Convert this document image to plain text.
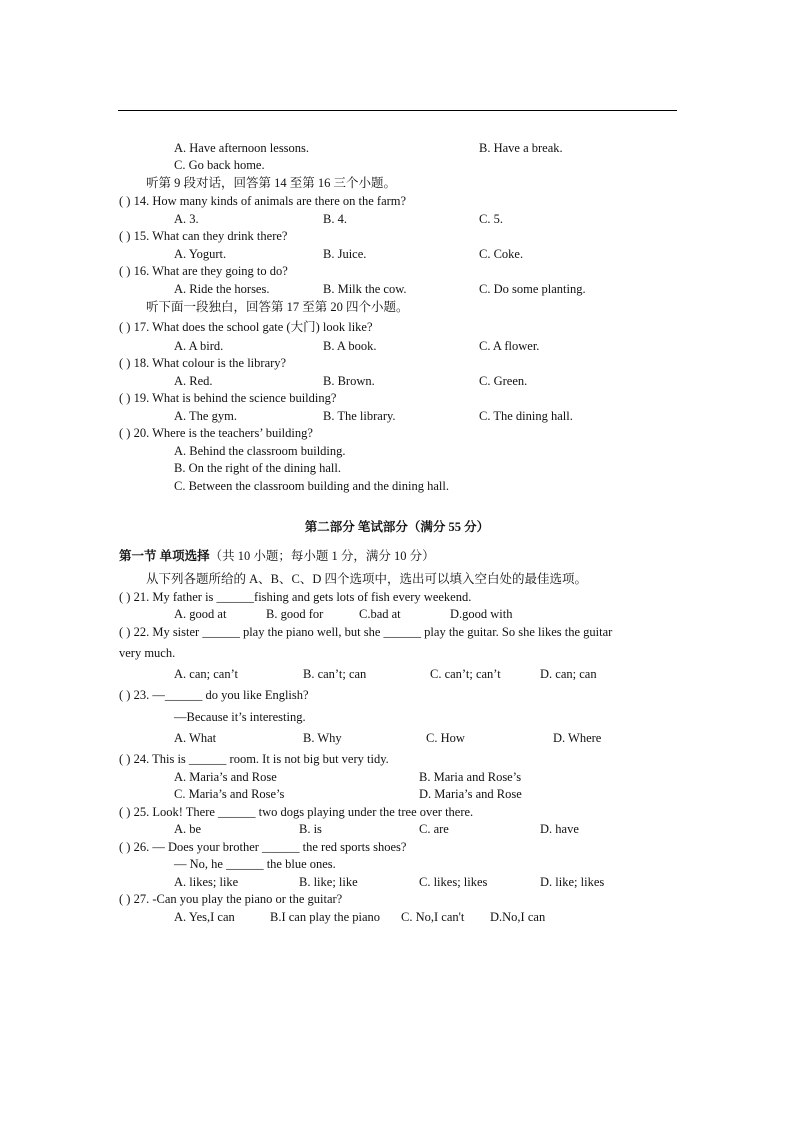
A. Have afternoon lessons.	B. Have a break.
C. Go back home.
听第 9 段对话，回答第 14 至第 16 三个小题。
( ) 14. How many kinds of animals are there on the farm?
A. 3.	B. 4.	C. 5.
( ) 15. What can they drink there?
A. Yogurt.	B. Juice.	C. Coke.
( ) 16. What are they going to do?
A. Ride the horses.	B. Milk the cow.	C. Do some planting.
听下面一段独白，回答第 17 至第 20 四个小题。
( ) 17. What does the school gate (大门) look like?
A. A bird.	B. A book.	C. A flower.
( ) 18. What colour is the library?
A. Red.	B. Brown.	C. Green.
( ) 19. What is behind the science building?
A. The gym.	B. The library.	C. The dining hall.
( ) 20. Where is the teachers’ building?
A. Behind the classroom building.
B. On the right of the dining hall.
C. Between the classroom building and the dining hall.
第二部分 笔试部分（满分 55 分）
第一节 单项选择（共 10 小题；每小题 1 分，满分 10 分）
从下列各题所给的 A、B、C、D 四个选项中，选出可以填入空白处的最佳选项。
( ) 21. My father is ______fishing and gets lots of fish every weekend.
A. good at	B. good for	C.bad at	D.good with
( ) 22. My sister ______ play the piano well, but she ______ play the guitar. So she likes the guitar
very much.
A. can; can’t	B. can’t; can	C. can’t; can’t	D. can; can
( ) 23. —______ do you like English?
—Because it’s interesting.
A. What	B. Why	C. How	D. Where
( ) 24. This is ______ room. It is not big but very tidy.
A. Maria’s and Rose	B. Maria and Rose’s
C. Maria’s and Rose’s	D. Maria’s and Rose
( ) 25. Look! There ______ two dogs playing under the tree over there.
A. be	B. is	C. are	D. have
( ) 26. — Does your brother ______ the red sports shoes?
— No, he ______ the blue ones.
A. likes; like	B. like; like	C. likes; likes	D. like; likes
( ) 27. -Can you play the piano or the guitar?
A. Yes,I can	B.I can play the piano C. No,I can't D.No,I can
